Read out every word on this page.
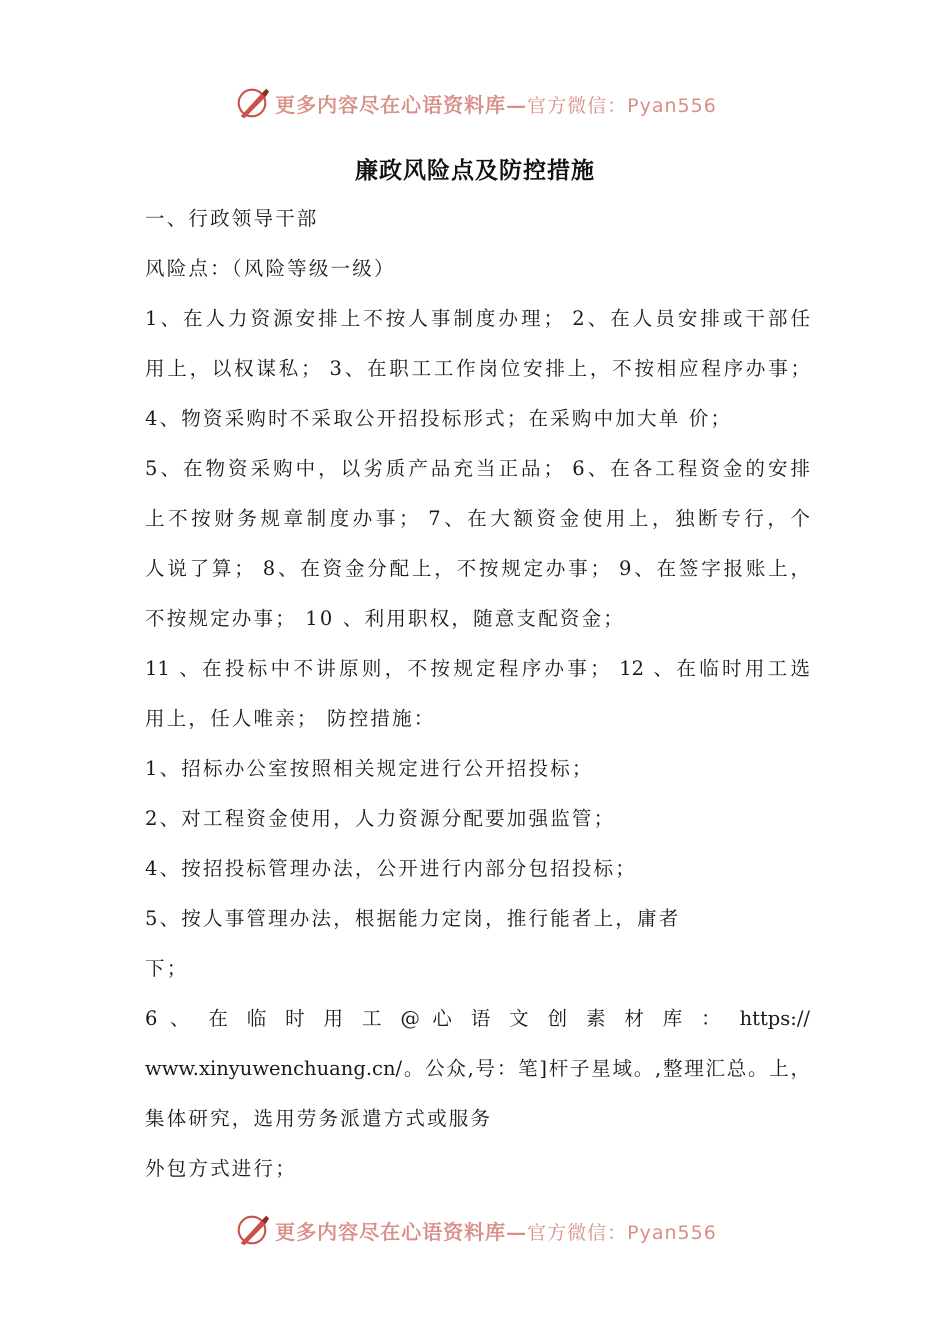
更多内容尽在心语资料库—官方微信：Pyan556
廉政风险点及防控措施
一、行政领导干部
风险点：（风险等级一级）
1、在人力资源安排上不按人事制度办理； 2、在人员安排或干部任
用上，以权谋私； 3、在职工工作岗位安排上，不按相应程序办事；
4、物资采购时不采取公开招投标形式；在采购中加大单 价；
5、在物资采购中，以劣质产品充当正品； 6、在各工程资金的安排
上不按财务规章制度办事； 7、在大额资金使用上，独断专行，个
人说了算； 8、在资金分配上，不按规定办事； 9、在签字报账上，
不按规定办事； 10 、利用职权，随意支配资金；
11 、在投标中不讲原则，不按规定程序办事； 12 、在临时用工选
用上，任人唯亲； 防控措施：
1、招标办公室按照相关规定进行公开招投标；
2、对工程资金使用，人力资源分配要加强监管；
4、按招投标管理办法，公开进行内部分包招投标；
5、按人事管理办法，根据能力定岗，推行能者上，庸者
下；
6 、 在 临 时 用 工 @ 心 语 文 创 素 材 库 ： https://
www.xinyuwenchuang.cn/。公众,号：笔]杆子星域。,整理汇总。上，
集体研究，选用劳务派遣方式或服务
外包方式进行；
更多内容尽在心语资料库—官方微信：Pyan556
